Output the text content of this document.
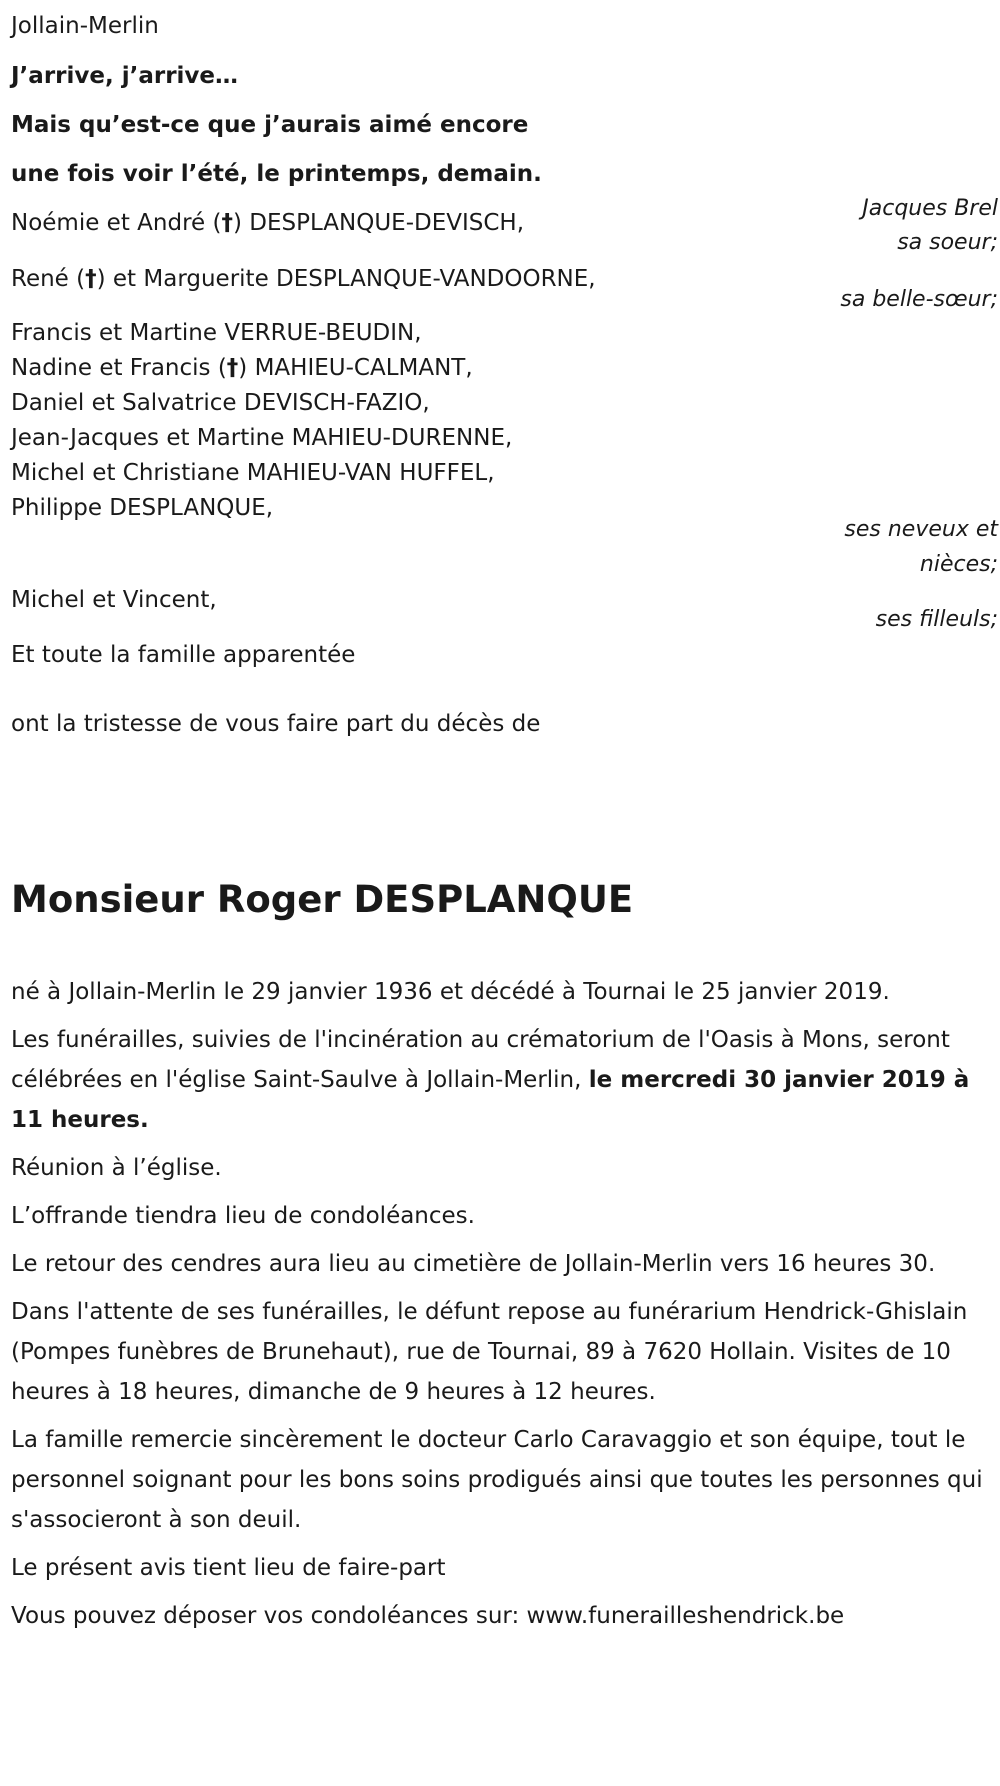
Jollain-Merlin
J’arrive, j’arrive…
Mais qu’est-ce que j’aurais aimé encore
une fois voir l’été, le printemps, demain.
Jacques Brel
sa soeur;
sa belle-sœur;
ses neveux et
nièces;
ses filleuls;
Noémie et André (†) DESPLANQUE-DEVISCH,
René (†) et Marguerite DESPLANQUE-VANDOORNE,
Francis et Martine VERRUE-BEUDIN,
Nadine et Francis (†) MAHIEU-CALMANT,
Daniel et Salvatrice DEVISCH-FAZIO,
Jean-Jacques et Martine MAHIEU-DURENNE,
Michel et Christiane MAHIEU-VAN HUFFEL,
Philippe DESPLANQUE,
Michel et Vincent,
Et toute la famille apparentée
ont la tristesse de vous faire part du décès de
Monsieur Roger DESPLANQUE

né à Jollain-Merlin le 29 janvier 1936 et décédé à Tournai le 25 janvier 2019.

Les funérailles, suivies de l'incinération au crématorium de l'Oasis à Mons, seront célébrées en l'église Saint-Saulve à Jollain-Merlin, le mercredi 30 janvier 2019 à 11 heures.

Réunion à l’église.

L’offrande tiendra lieu de condoléances.

Le retour des cendres aura lieu au cimetière de Jollain-Merlin vers 16 heures 30.

Dans l'attente de ses funérailles, le défunt repose au funérarium Hendrick-Ghislain (Pompes funèbres de Brunehaut), rue de Tournai, 89 à 7620 Hollain. Visites de 10 heures à 18 heures, dimanche de 9 heures à 12 heures.

La famille remercie sincèrement le docteur Carlo Caravaggio et son équipe, tout le personnel soignant pour les bons soins prodigués ainsi que toutes les personnes qui s'associeront à son deuil.

Le présent avis tient lieu de faire-part

Vous pouvez déposer vos condoléances sur: www.funerailleshendrick.be
